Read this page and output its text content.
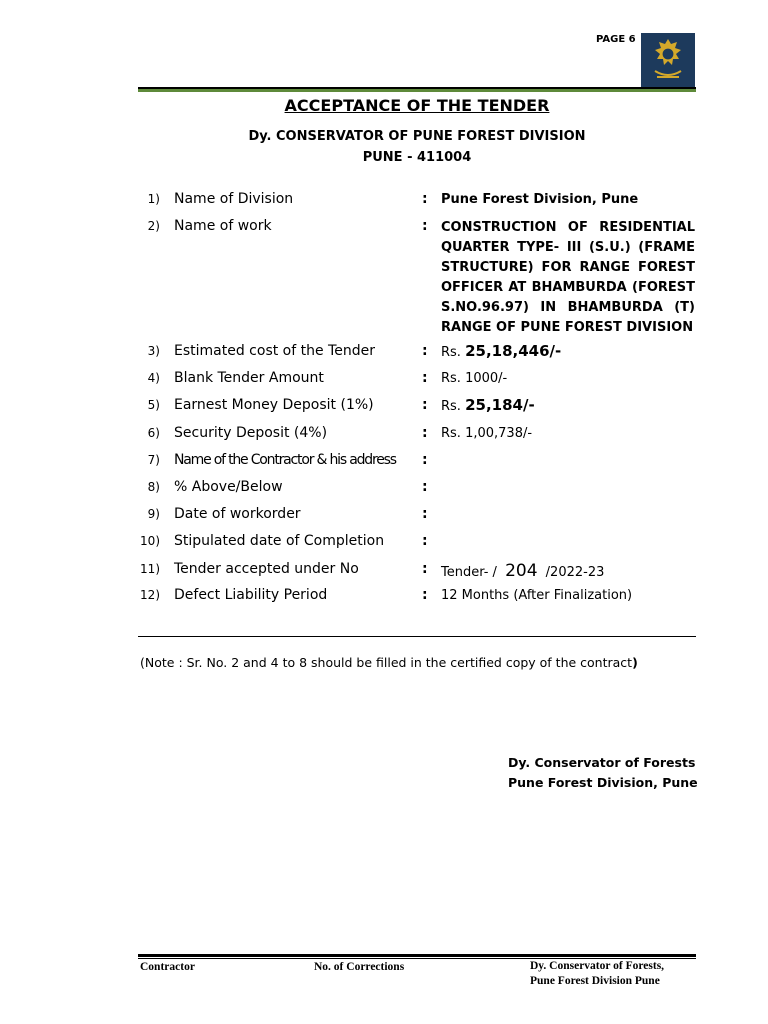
PAGE 6
ACCEPTANCE OF THE TENDER
Dy. CONSERVATOR OF PUNE FOREST DIVISION
PUNE - 411004
1) Name of Division	: Pune Forest Division, Pune
2) Name of work	: CONSTRUCTION OF RESIDENTIAL QUARTER TYPE- III (S.U.) (FRAME STRUCTURE) FOR RANGE FOREST OFFICER AT BHAMBURDA (FOREST S.NO.96.97) IN BHAMBURDA (T) RANGE OF PUNE FOREST DIVISION
3) Estimated cost of the Tender	: Rs. 25,18,446/-
4) Blank Tender Amount	: Rs. 1000/-
5) Earnest Money Deposit (1%)	: Rs. 25,184/-
6) Security Deposit (4%)	: Rs. 1,00,738/-
7) Name of the Contractor & his address :
8) % Above/Below	:
9) Date of workorder	:
10) Stipulated date of Completion	:
11) Tender accepted under No	: Tender- / 204 /2022-23
12) Defect Liability Period	: 12 Months (After Finalization)
(Note : Sr. No. 2 and 4 to 8 should be filled in the certified copy of the contract)
Dy. Conservator of Forests
Pune Forest Division, Pune
Contractor	No. of Corrections	Dy. Conservator of Forests,
Pune Forest Division Pune
